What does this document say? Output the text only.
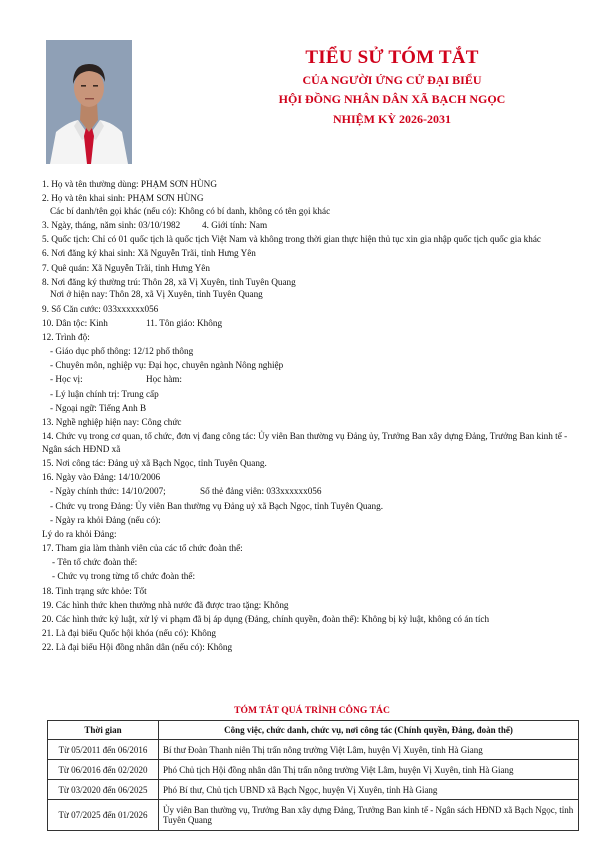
TIỂU SỬ TÓM TẮT
CỦA NGƯỜI ỨNG CỬ ĐẠI BIỂU
HỘI ĐỒNG NHÂN DÂN XÃ BẠCH NGỌC
NHIỆM KỲ 2026-2031
1. Họ và tên thường dùng: PHẠM SƠN HÙNG
2. Họ và tên khai sinh: PHẠM SƠN HÙNG
Các bí danh/tên gọi khác (nếu có): Không có bí danh, không có tên gọi khác
3. Ngày, tháng, năm sinh: 03/10/1982 4. Giới tính: Nam
5. Quốc tịch: Chỉ có 01 quốc tịch là quốc tịch Việt Nam và không trong thời gian thực hiện thủ tục xin gia nhập quốc tịch quốc gia khác
6. Nơi đăng ký khai sinh: Xã Nguyễn Trãi, tỉnh Hưng Yên
7. Quê quán: Xã Nguyễn Trãi, tỉnh Hưng Yên
8. Nơi đăng ký thường trú: Thôn 28, xã Vị Xuyên, tỉnh Tuyên Quang
Nơi ở hiện nay: Thôn 28, xã Vị Xuyên, tỉnh Tuyên Quang
9. Số Căn cước: 033xxxxxx056
10. Dân tộc: Kinh	11. Tôn giáo: Không
12. Trình độ:
- Giáo dục phổ thông: 12/12 phổ thông
- Chuyên môn, nghiệp vụ: Đại học, chuyên ngành Nông nghiệp
- Học vị:	Học hàm:
- Lý luận chính trị: Trung cấp
- Ngoại ngữ: Tiếng Anh B
13. Nghề nghiệp hiện nay: Công chức
14. Chức vụ trong cơ quan, tổ chức, đơn vị đang công tác: Ủy viên Ban thường vụ Đảng ủy, Trưởng Ban xây dựng Đảng, Trưởng Ban kinh tế - Ngân sách HĐND xã
15. Nơi công tác: Đảng uỷ xã Bạch Ngọc, tỉnh Tuyên Quang.
16. Ngày vào Đảng: 14/10/2006
- Ngày chính thức: 14/10/2007;	Số thẻ đảng viên: 033xxxxxx056
- Chức vụ trong Đảng: Ủy viên Ban thường vụ Đảng uỷ xã Bạch Ngọc, tỉnh Tuyên Quang.
- Ngày ra khỏi Đảng (nếu có):
Lý do ra khỏi Đảng:
17. Tham gia làm thành viên của các tổ chức đoàn thể:
- Tên tổ chức đoàn thể:
- Chức vụ trong từng tổ chức đoàn thể:
18. Tình trạng sức khỏe: Tốt
19. Các hình thức khen thưởng nhà nước đã được trao tặng: Không
20. Các hình thức kỷ luật, xử lý vi phạm đã bị áp dụng (Đảng, chính quyền, đoàn thể): Không bị kỷ luật, không có án tích
21. Là đại biểu Quốc hội khóa (nếu có): Không
22. Là đại biểu Hội đồng nhân dân (nếu có): Không
TÓM TẮT QUÁ TRÌNH CÔNG TÁC
Thời gian	Công việc, chức danh, chức vụ, nơi công tác (Chính quyền, Đảng, đoàn thể)
Từ 05/2011 đến 06/2016	Bí thư Đoàn Thanh niên Thị trấn nông trường Việt Lâm, huyện Vị Xuyên, tỉnh Hà Giang
Từ 06/2016 đến 02/2020	Phó Chủ tịch Hội đồng nhân dân Thị trấn nông trường Việt Lâm, huyện Vị Xuyên, tỉnh Hà Giang
Từ 03/2020 đến 06/2025	Phó Bí thư, Chủ tịch UBND xã Bạch Ngọc, huyện Vị Xuyên, tỉnh Hà Giang
Từ 07/2025 đến 01/2026	Ủy viên Ban thường vụ, Trưởng Ban xây dựng Đảng, Trưởng Ban kinh tế - Ngân sách HĐND xã Bạch Ngọc, tỉnh Tuyên Quang
